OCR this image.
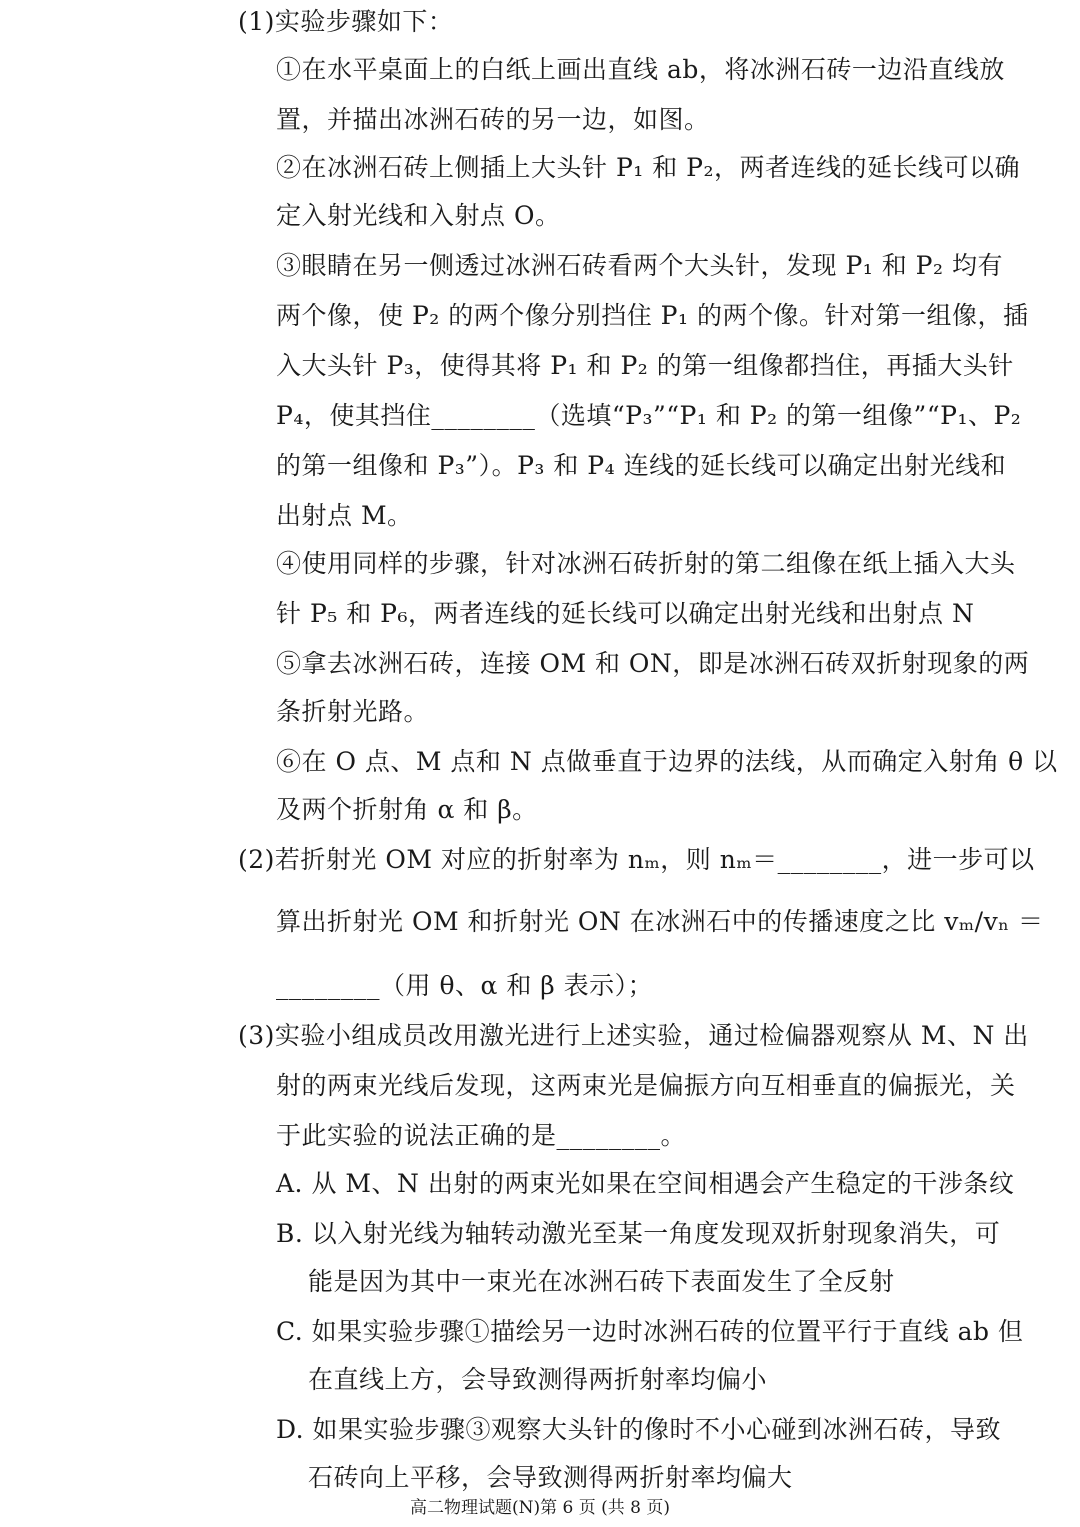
(1)实验步骤如下：
①在水平桌面上的白纸上画出直线 ab，将冰洲石砖一边沿直线放
置，并描出冰洲石砖的另一边，如图。
②在冰洲石砖上侧插上大头针 P₁ 和 P₂，两者连线的延长线可以确
定入射光线和入射点 O。
③眼睛在另一侧透过冰洲石砖看两个大头针，发现 P₁ 和 P₂ 均有
两个像，使 P₂ 的两个像分别挡住 P₁ 的两个像。针对第一组像，插
入大头针 P₃，使得其将 P₁ 和 P₂ 的第一组像都挡住，再插大头针
P₄，使其挡住________（选填“P₃”“P₁ 和 P₂ 的第一组像”“P₁、P₂
的第一组像和 P₃”）。P₃ 和 P₄ 连线的延长线可以确定出射光线和
出射点 M。
④使用同样的步骤，针对冰洲石砖折射的第二组像在纸上插入大头
针 P₅ 和 P₆，两者连线的延长线可以确定出射光线和出射点 N
⑤拿去冰洲石砖，连接 OM 和 ON，即是冰洲石砖双折射现象的两
条折射光路。
⑥在 O 点、M 点和 N 点做垂直于边界的法线，从而确定入射角 θ 以
及两个折射角 α 和 β。
(2)若折射光 OM 对应的折射率为 nₘ，则 nₘ＝________，进一步可以
算出折射光 OM 和折射光 ON 在冰洲石中的传播速度之比 vₘ/vₙ ＝
________（用 θ、α 和 β 表示）；
(3)实验小组成员改用激光进行上述实验，通过检偏器观察从 M、N 出
射的两束光线后发现，这两束光是偏振方向互相垂直的偏振光，关
于此实验的说法正确的是________。
A. 从 M、N 出射的两束光如果在空间相遇会产生稳定的干涉条纹
B. 以入射光线为轴转动激光至某一角度发现双折射现象消失，可
能是因为其中一束光在冰洲石砖下表面发生了全反射
C. 如果实验步骤①描绘另一边时冰洲石砖的位置平行于直线 ab 但
在直线上方，会导致测得两折射率均偏小
D. 如果实验步骤③观察大头针的像时不小心碰到冰洲石砖，导致
石砖向上平移，会导致测得两折射率均偏大
高二物理试题(N)第 6 页 (共 8 页)
